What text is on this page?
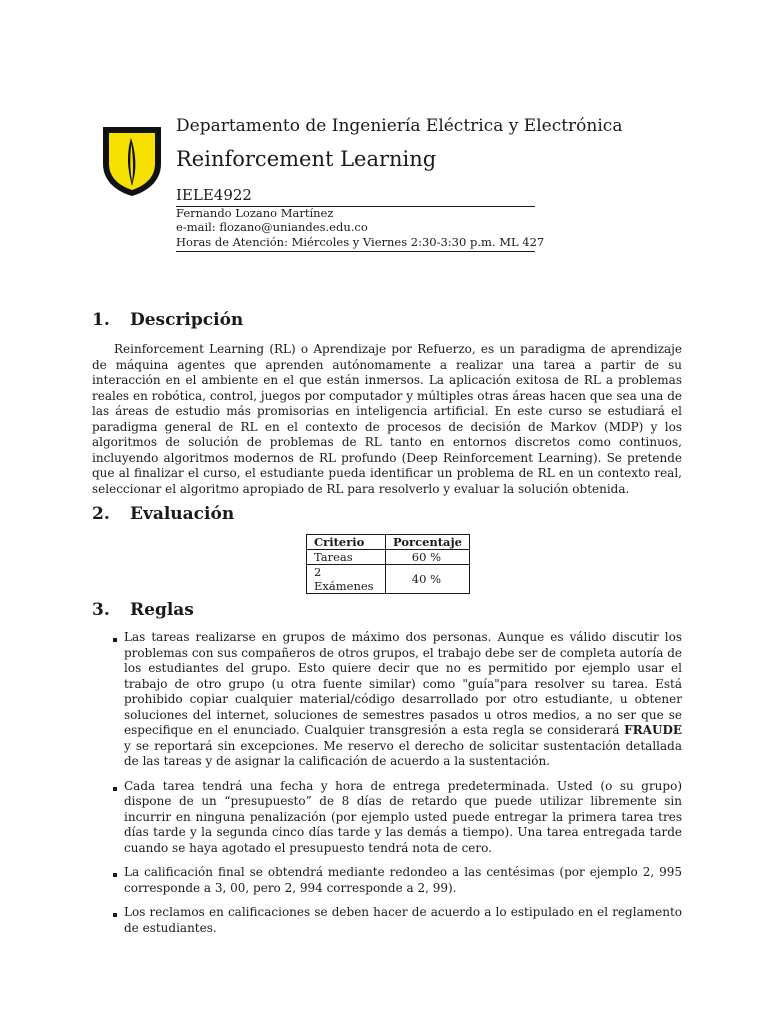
Departamento de Ingeniería Eléctrica y Electrónica
Reinforcement Learning
IELE4922
Fernando Lozano Martínez
e-mail: flozano@uniandes.edu.co
Horas de Atención: Miércoles y Viernes 2:30-3:30 p.m. ML 427
1. Descripción
Reinforcement Learning (RL) o Aprendizaje por Refuerzo, es un paradigma de aprendizaje de máquina agentes que aprenden autónomamente a realizar una tarea a partir de su interacción en el ambiente en el que están inmersos. La aplicación exitosa de RL a problemas reales en robótica, control, juegos por computador y múltiples otras áreas hacen que sea una de las áreas de estudio más promisorias en inteligencia artificial. En este curso se estudiará el paradigma general de RL en el contexto de procesos de decisión de Markov (MDP) y los algoritmos de solución de problemas de RL tanto en entornos discretos como continuos, incluyendo algoritmos modernos de RL profundo (Deep Reinforcement Learning). Se pretende que al finalizar el curso, el estudiante pueda identificar un problema de RL en un contexto real, seleccionar el algoritmo apropiado de RL para resolverlo y evaluar la solución obtenida.
2. Evaluación
Criterio	Porcentaje
Tareas	60 %
2 Exámenes	40 %
3. Reglas
Las tareas realizarse en grupos de máximo dos personas. Aunque es válido discutir los problemas con sus compañeros de otros grupos, el trabajo debe ser de completa autoría de los estudiantes del grupo. Esto quiere decir que no es permitido por ejemplo usar el trabajo de otro grupo (u otra fuente similar) como "guía"para resolver su tarea. Está prohibido copiar cualquier material/código desarrollado por otro estudiante, u obtener soluciones del internet, soluciones de semestres pasados u otros medios, a no ser que se especifique en el enunciado. Cualquier transgresión a esta regla se considerará FRAUDE y se reportará sin excepciones. Me reservo el derecho de solicitar sustentación detallada de las tareas y de asignar la calificación de acuerdo a la sustentación.
Cada tarea tendrá una fecha y hora de entrega predeterminada. Usted (o su grupo) dispone de un “presupuesto” de 8 días de retardo que puede utilizar libremente sin incurrir en ninguna penalización (por ejemplo usted puede entregar la primera tarea tres días tarde y la segunda cinco días tarde y las demás a tiempo). Una tarea entregada tarde cuando se haya agotado el presupuesto tendrá nota de cero.
La calificación final se obtendrá mediante redondeo a las centésimas (por ejemplo 2, 995 corresponde a 3, 00, pero 2, 994 corresponde a 2, 99).
Los reclamos en calificaciones se deben hacer de acuerdo a lo estipulado en el reglamento de estudiantes.
